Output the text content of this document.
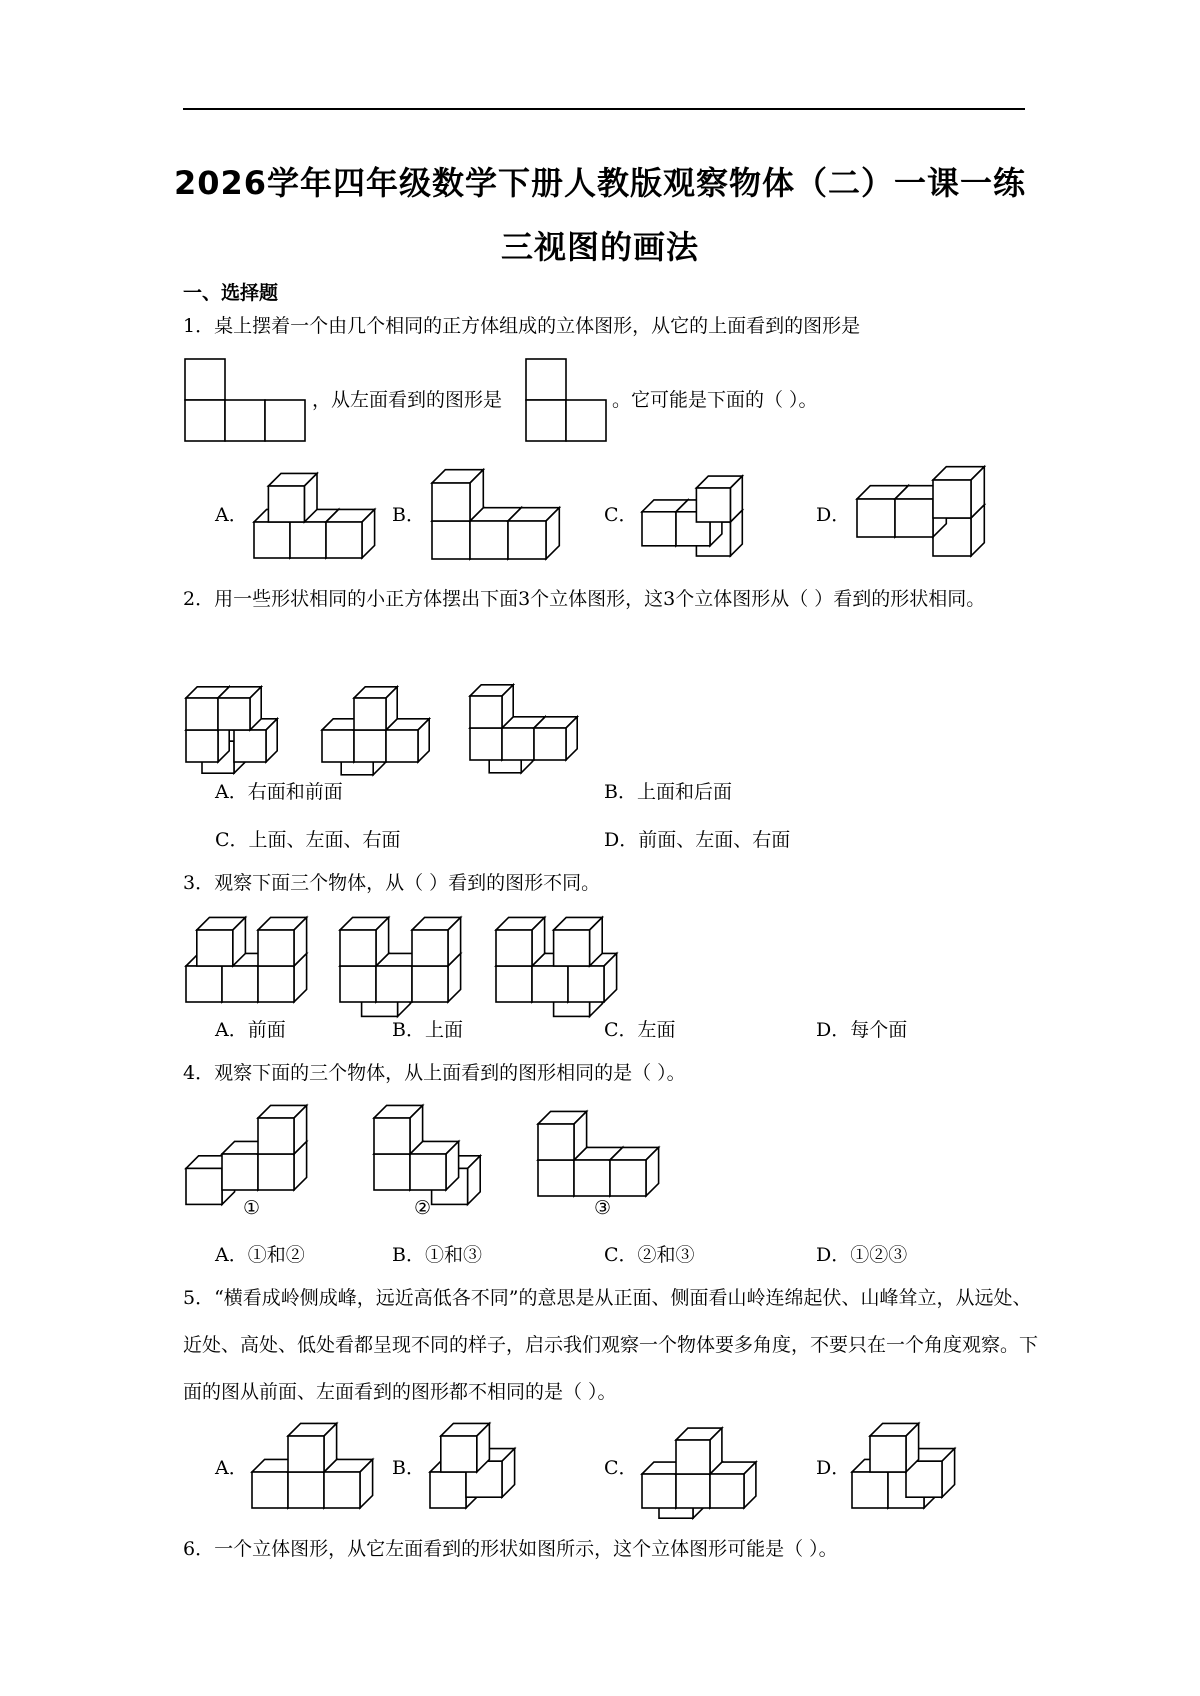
2026学年四年级数学下册人教版观察物体（二）一课一练
三视图的画法
一、选择题
1．桌上摆着一个由几个相同的正方体组成的立体图形，从它的上面看到的图形是
，从左面看到的图形是	。它可能是下面的（ ）。
A．	B．	C．	D．
2．用一些形状相同的小正方体摆出下面3个立体图形，这3个立体图形从（ ）看到的形状相同。
A．右面和前面	B．上面和后面
C．上面、左面、右面	D．前面、左面、右面
3．观察下面三个物体，从（ ）看到的图形不同。
A．前面	B．上面	C．左面	D．每个面
4．观察下面的三个物体，从上面看到的图形相同的是（ ）。
①	②	③
A．①和②	B．①和③	C．②和③	D．①②③
5．“横看成岭侧成峰，远近高低各不同”的意思是从正面、侧面看山岭连绵起伏、山峰耸立，从远处、近处、高处、低处看都呈现不同的样子，启示我们观察一个物体要多角度，不要只在一个角度观察。下面的图从前面、左面看到的图形都不相同的是（ ）。
A．	B．	C．	D．
6．一个立体图形，从它左面看到的形状如图所示，这个立体图形可能是（ ）。
